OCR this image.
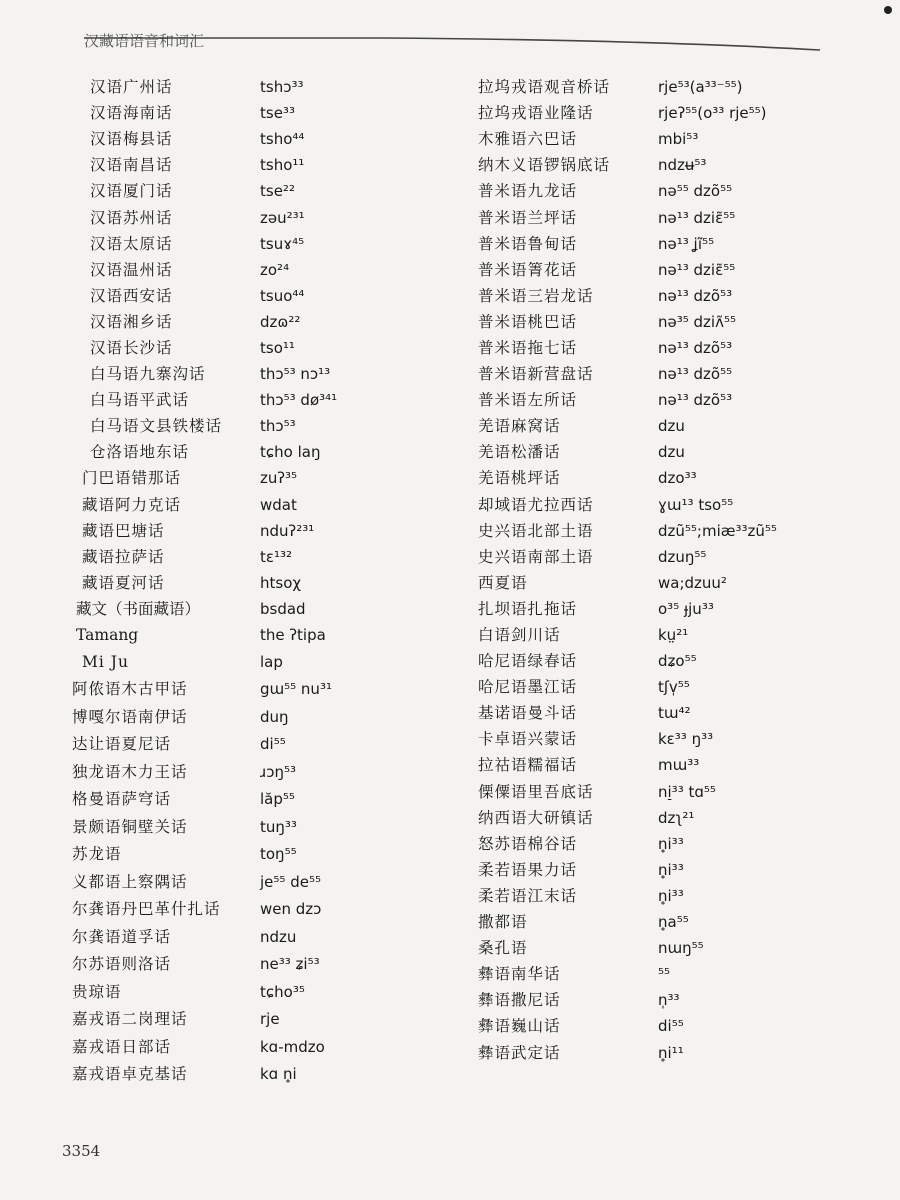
汉藏语语音和词汇
汉语广州话	tshɔ³³
汉语海南话	tse³³
汉语梅县话	tsho⁴⁴
汉语南昌话	tsho¹¹
汉语厦门话	tse²²
汉语苏州话	zəu²³¹
汉语太原话	tsuɤ⁴⁵
汉语温州话	zo²⁴
汉语西安话	tsuo⁴⁴
汉语湘乡话	dzɷ²²
汉语长沙话	tso¹¹
白马语九寨沟话	thɔ⁵³ nɔ¹³
白马语平武话	thɔ⁵³ dø³⁴¹
白马语文县铁楼话	thɔ⁵³
仓洛语地东话	tɕho laŋ
门巴语错那话	zuʔ³⁵
藏语阿力克话	wdat
藏语巴塘话	nduʔ²³¹
藏语拉萨话	tɛ¹³²
藏语夏河话	htsoχ
藏文（书面藏语）	bsdad
Tamang	the ʔtipa
Mi Ju	lap
阿侬语木古甲话	gɯ⁵⁵ nu³¹
博嘎尔语南伊话	duŋ
达让语夏尼话	di⁵⁵
独龙语木力王话	ɹɔŋ⁵³
格曼语萨穹话	lăp⁵⁵
景颇语铜壁关话	tuŋ³³
苏龙语	toŋ⁵⁵
义都语上察隅话	je⁵⁵ de⁵⁵
尔龚语丹巴革什扎话	wen dzɔ
尔龚语道孚话	ndzu
尔苏语则洛话	ne³³ ʑi⁵³
贵琼语	tɕho³⁵
嘉戎语二岗理话	rje
嘉戎语日部话	kɑ-mdzo
嘉戎语卓克基话	kɑ n̥i
拉坞戎语观音桥话	rje⁵³(a³³⁻⁵⁵)
拉坞戎语业隆话	rjeʔ⁵⁵(o³³ rje⁵⁵)
木雅语六巴话	mbi⁵³
纳木义语锣锅底话	ndzʉ⁵³
普米语九龙话	nə⁵⁵ dzõ⁵⁵
普米语兰坪话	nə¹³ dziɛ̃⁵⁵
普米语鲁甸话	nə¹³ ʝĩ⁵⁵
普米语箐花话	nə¹³ dziɛ̃⁵⁵
普米语三岩龙话	nə¹³ dzõ⁵³
普米语桃巴话	nə³⁵ dziʌ̃⁵⁵
普米语拖七话	nə¹³ dzõ⁵³
普米语新营盘话	nə¹³ dzõ⁵⁵
普米语左所话	nə¹³ dzõ⁵³
羌语麻窝话	dzu
羌语松潘话	dzu
羌语桃坪话	dzo³³
却域语尤拉西话	ɣɯ¹³ tso⁵⁵
史兴语北部土语	dzũ⁵⁵;miæ³³zũ⁵⁵
史兴语南部土语	dzuŋ⁵⁵
西夏语	wa;dzuu²
扎坝语扎拖话	o³⁵ ɟju³³
白语剑川话	kṳ²¹
哈尼语绿春话	dʑo⁵⁵
哈尼语墨江话	tʃv̩⁵⁵
基诺语曼斗话	tɯ⁴²
卡卓语兴蒙话	kɛ³³ ŋ³³
拉祜语糯福话	mɯ³³
傈僳语里吾底话	ni̠³³ tɑ⁵⁵
纳西语大研镇话	dzʅ²¹
怒苏语棉谷话	n̥i³³
柔若语果力话	n̥i³³
柔若语江末话	n̥i³³
撒都语	n̥a⁵⁵
桑孔语	nɯŋ⁵⁵
彝语南华话	⁵⁵
彝语撒尼话	n̩³³
彝语巍山话	di⁵⁵
彝语武定话	n̥i¹¹
3354
